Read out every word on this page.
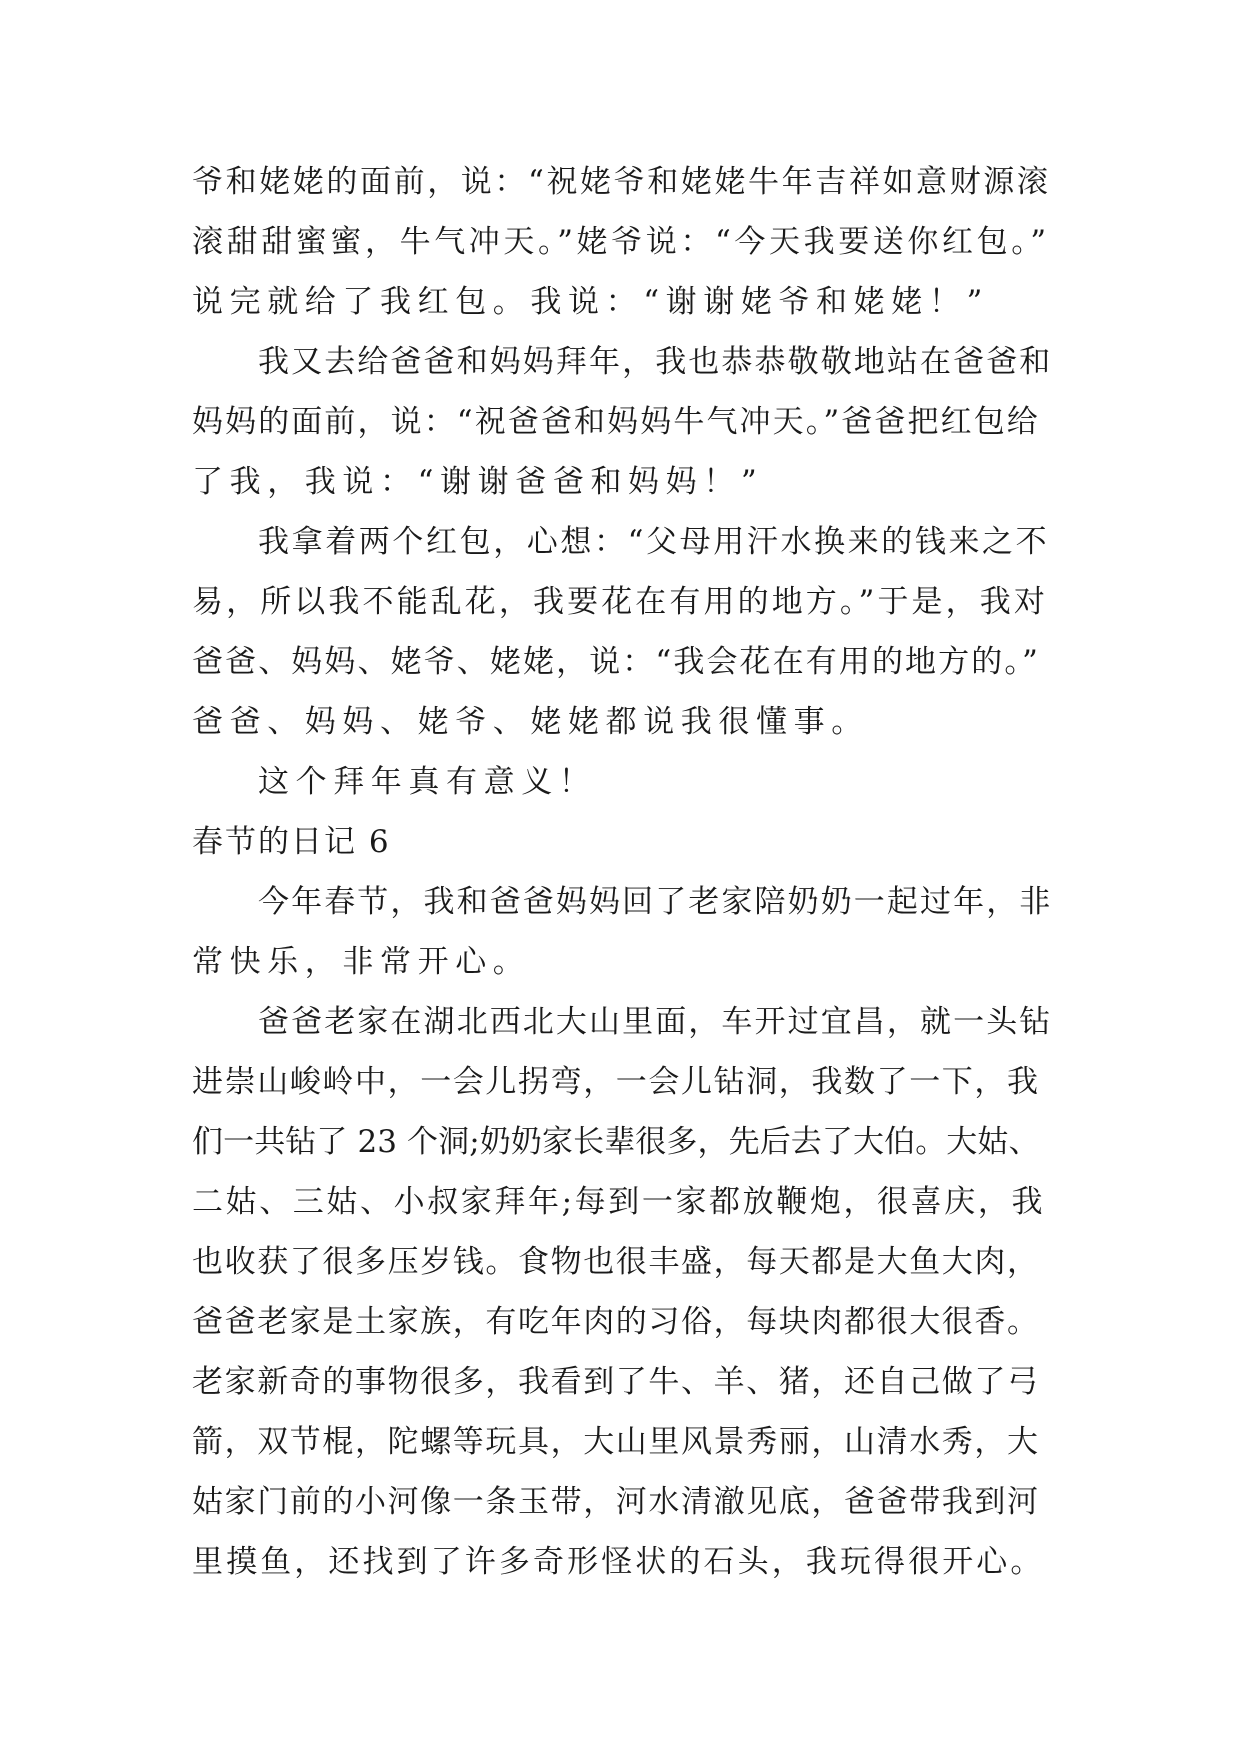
爷和姥姥的面前，说：“祝姥爷和姥姥牛年吉祥如意财源滚
滚甜甜蜜蜜，牛气冲天。”姥爷说：“今天我要送你红包。”
说完就给了我红包。我说：“谢谢姥爷和姥姥！”
我又去给爸爸和妈妈拜年，我也恭恭敬敬地站在爸爸和
妈妈的面前，说：“祝爸爸和妈妈牛气冲天。”爸爸把红包给
了我，我说：“谢谢爸爸和妈妈！”
我拿着两个红包，心想：“父母用汗水换来的钱来之不
易，所以我不能乱花，我要花在有用的地方。”于是，我对
爸爸、妈妈、姥爷、姥姥，说：“我会花在有用的地方的。”
爸爸、妈妈、姥爷、姥姥都说我很懂事。
这个拜年真有意义！
春节的日记 6
今年春节，我和爸爸妈妈回了老家陪奶奶一起过年，非
常快乐，非常开心。
爸爸老家在湖北西北大山里面，车开过宜昌，就一头钻
进崇山峻岭中，一会儿拐弯，一会儿钻洞，我数了一下，我
们一共钻了 23 个洞;奶奶家长辈很多，先后去了大伯。大姑、
二姑、三姑、小叔家拜年;每到一家都放鞭炮，很喜庆，我
也收获了很多压岁钱。食物也很丰盛，每天都是大鱼大肉，
爸爸老家是土家族，有吃年肉的习俗，每块肉都很大很香。
老家新奇的事物很多，我看到了牛、羊、猪，还自己做了弓
箭，双节棍，陀螺等玩具，大山里风景秀丽，山清水秀，大
姑家门前的小河像一条玉带，河水清澈见底，爸爸带我到河
里摸鱼，还找到了许多奇形怪状的石头，我玩得很开心。
